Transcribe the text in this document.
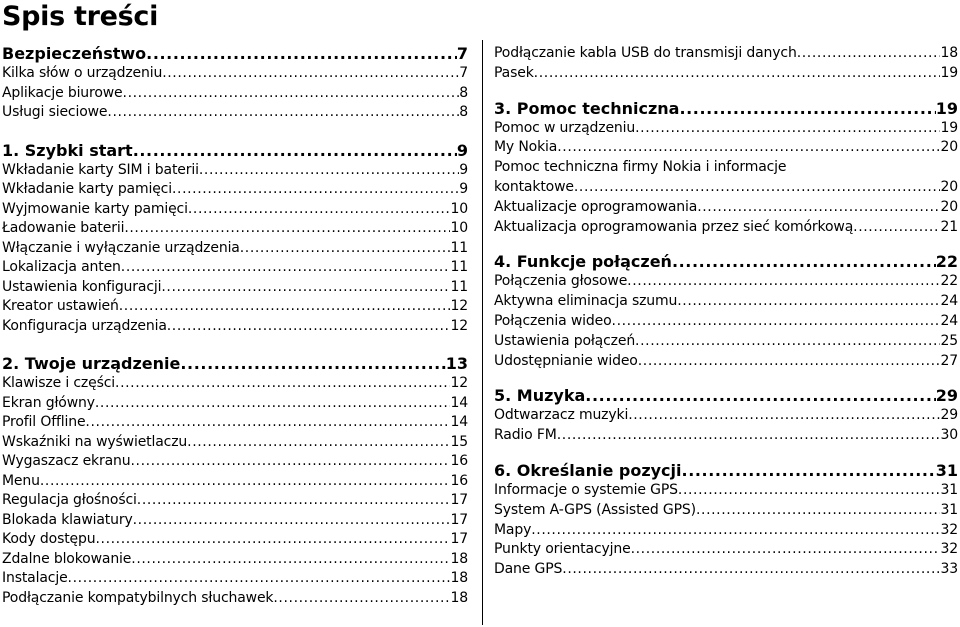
Spis treści
Bezpieczeństwo .....	7
Kilka słów o urządzeniu .....	7
Aplikacje biurowe .....	8
Usługi sieciowe .....	8
1. Szybki start .....	9
Wkładanie karty SIM i baterii .....	9
Wkładanie karty pamięci .....	9
Wyjmowanie karty pamięci .....	10
Ładowanie baterii .....	10
Włączanie i wyłączanie urządzenia .....	11
Lokalizacja anten .....	11
Ustawienia konfiguracji .....	11
Kreator ustawień .....	12
Konfiguracja urządzenia .....	12
2. Twoje urządzenie .....	13
Klawisze i części .....	12
Ekran główny .....	14
Profil Offline .....	14
Wskaźniki na wyświetlaczu .....	15
Wygaszacz ekranu .....	16
Menu .....	16
Regulacja głośności .....	17
Blokada klawiatury .....	17
Kody dostępu .....	17
Zdalne blokowanie .....	18
Instalacje .....	18
Podłączanie kompatybilnych słuchawek .....	18
Podłączanie kabla USB do transmisji danych .....	18
Pasek .....	19
3. Pomoc techniczna .....	19
Pomoc w urządzeniu .....	19
My Nokia .....	20
Pomoc techniczna firmy Nokia i informacje
kontaktowe .....	20
Aktualizacje oprogramowania .....	20
Aktualizacja oprogramowania przez sieć komórkową .....	21
4. Funkcje połączeń .....	22
Połączenia głosowe .....	22
Aktywna eliminacja szumu .....	24
Połączenia wideo .....	24
Ustawienia połączeń .....	25
Udostępnianie wideo .....	27
5. Muzyka .....	29
Odtwarzacz muzyki .....	29
Radio FM .....	30
6. Określanie pozycji .....	31
Informacje o systemie GPS .....	31
System A-GPS (Assisted GPS) .....	31
Mapy .....	32
Punkty orientacyjne .....	32
Dane GPS .....	33
